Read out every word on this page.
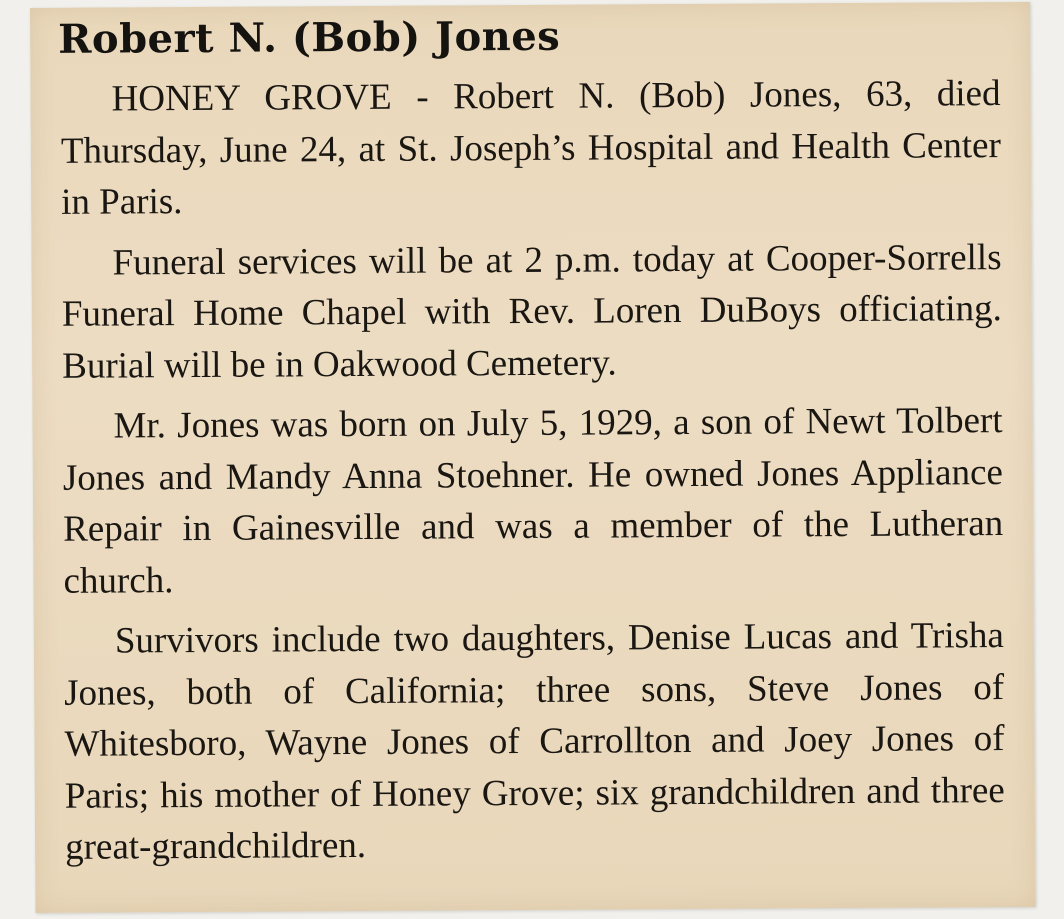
Robert N. (Bob) Jones

HONEY GROVE - Robert N. (Bob) Jones, 63, died Thursday, June 24, at St. Joseph’s Hospital and Health Center in Paris.

Funeral services will be at 2 p.m. today at Cooper-Sorrells Funeral Home Chapel with Rev. Loren DuBoys officiating. Burial will be in Oakwood Cemetery.

Mr. Jones was born on July 5, 1929, a son of Newt Tolbert Jones and Mandy Anna Stoehner. He owned Jones Appliance Repair in Gainesville and was a member of the Lutheran church.

Survivors include two daughters, Denise Lucas and Trisha Jones, both of California; three sons, Steve Jones of Whitesboro, Wayne Jones of Carrollton and Joey Jones of Paris; his mother of Honey Grove; six grandchildren and three great-grandchildren.
